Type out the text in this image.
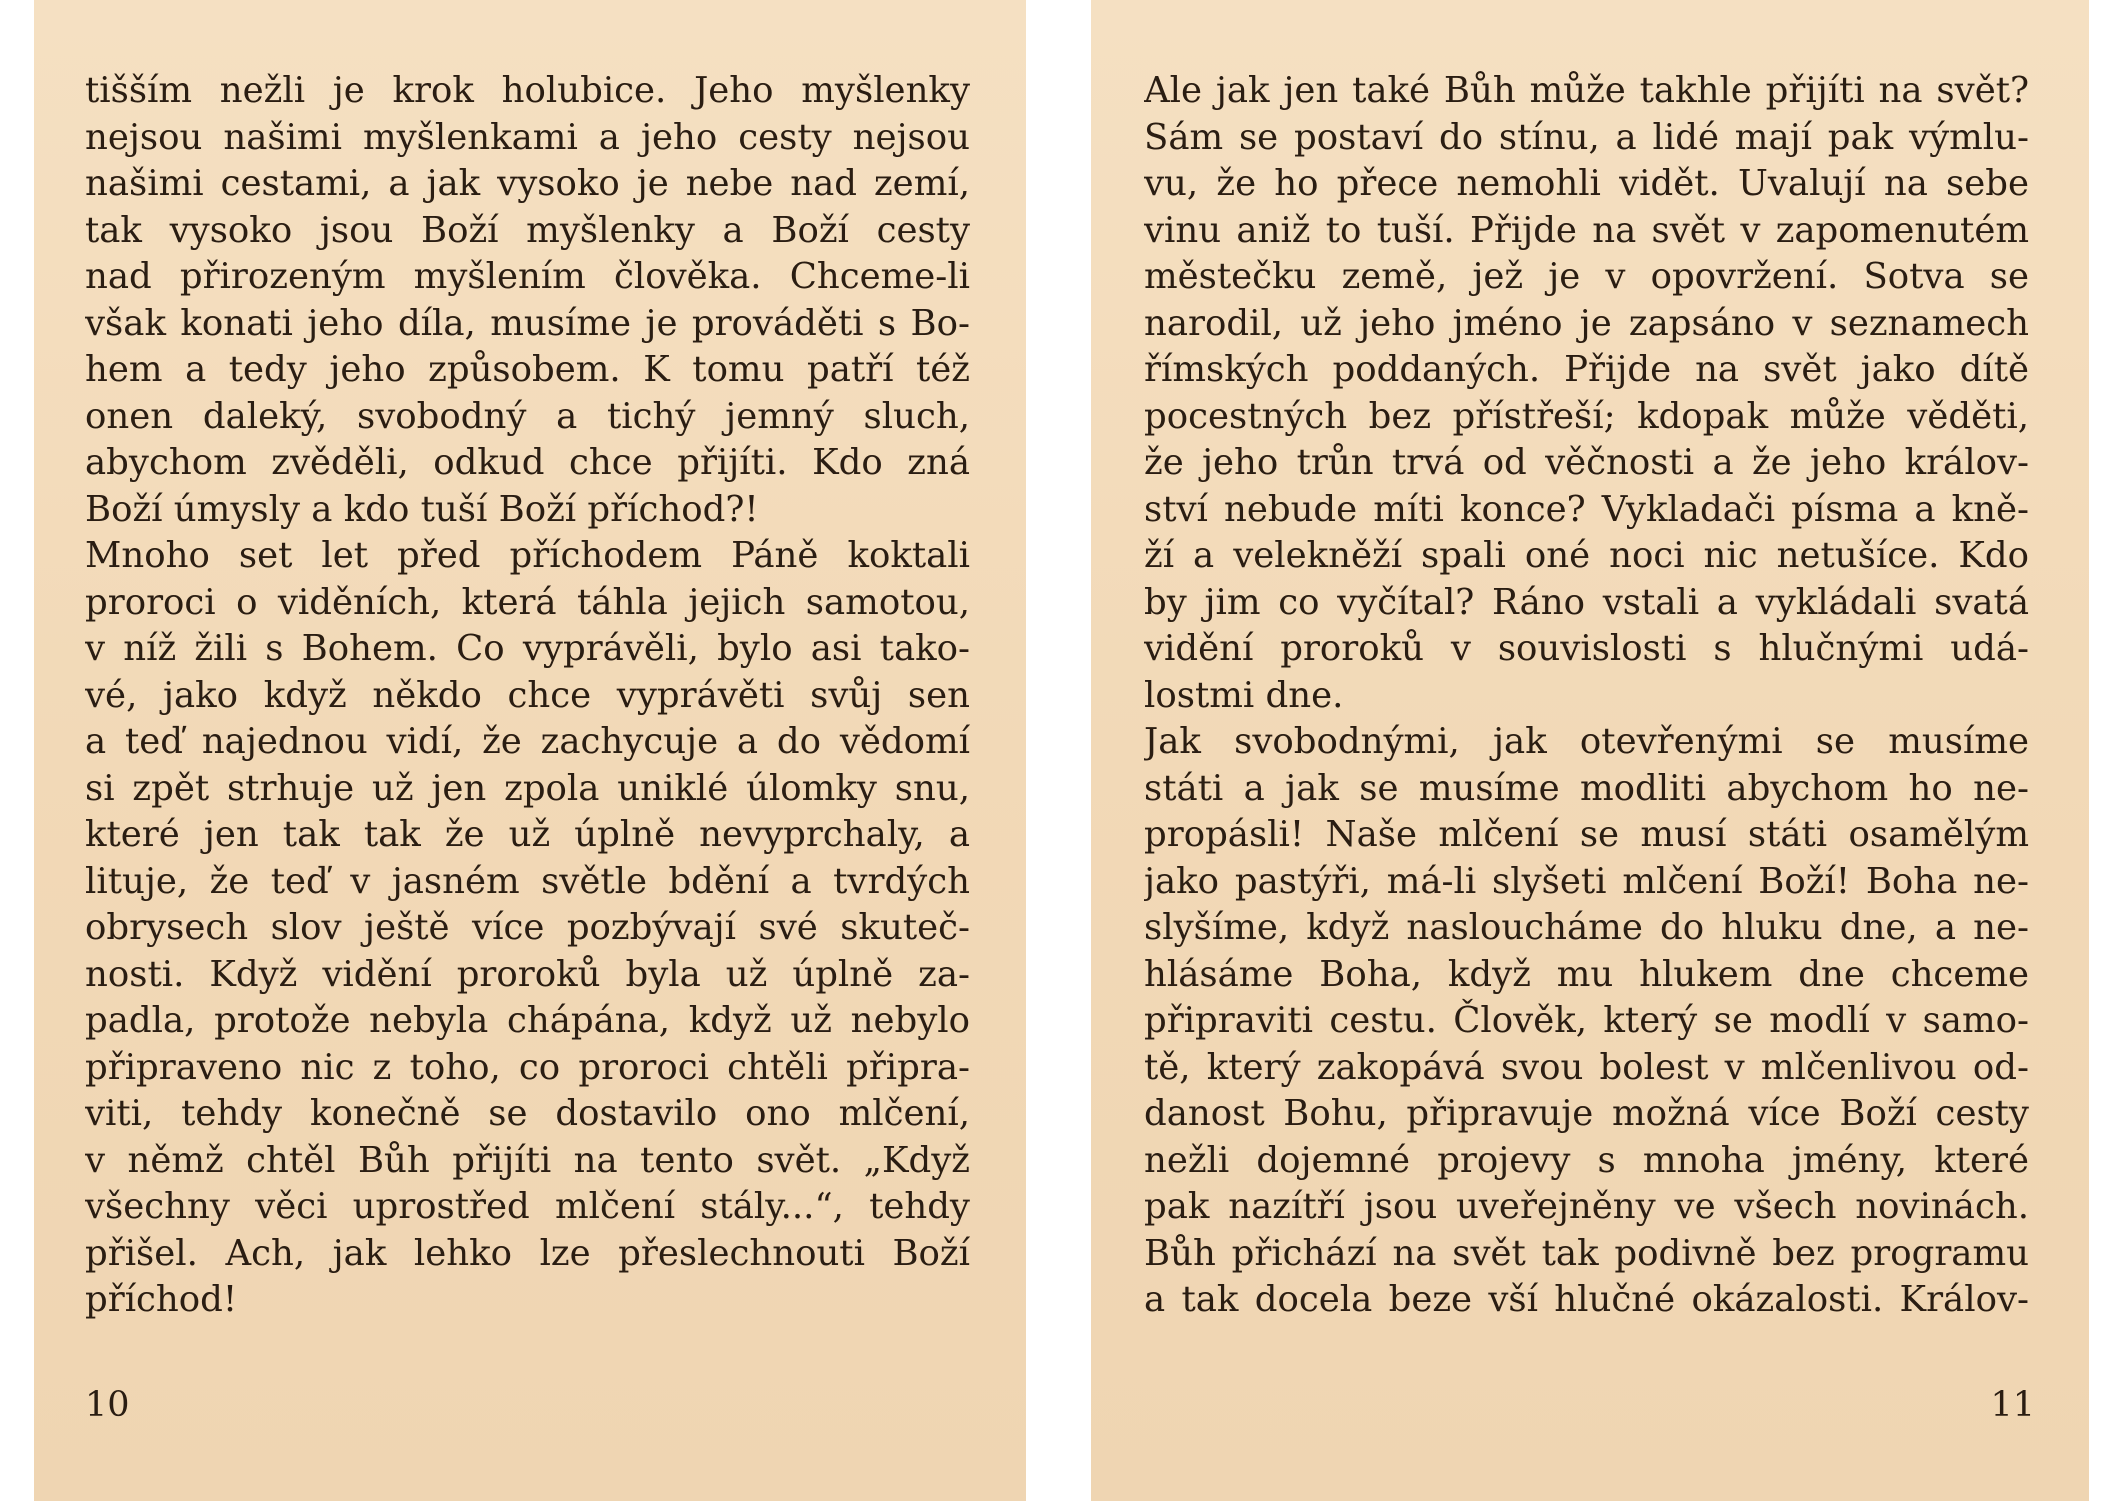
tišším nežli je krok holubice. Jeho myšlenky
nejsou našimi myšlenkami a jeho cesty nejsou
našimi cestami, a jak vysoko je nebe nad zemí,
tak vysoko jsou Boží myšlenky a Boží cesty
nad přirozeným myšlením člověka. Chceme-li
však konati jeho díla, musíme je prováděti s Bo-
hem a tedy jeho způsobem. K tomu patří též
onen daleký, svobodný a tichý jemný sluch,
abychom zvěděli, odkud chce přijíti. Kdo zná
Boží úmysly a kdo tuší Boží příchod?!
Mnoho set let před příchodem Páně koktali
proroci o viděních, která táhla jejich samotou,
v níž žili s Bohem. Co vyprávěli, bylo asi tako-
vé, jako když někdo chce vyprávěti svůj sen
a teď najednou vidí, že zachycuje a do vědomí
si zpět strhuje už jen zpola uniklé úlomky snu,
které jen tak tak že už úplně nevyprchaly, a
lituje, že teď v jasném světle bdění a tvrdých
obrysech slov ještě více pozbývají své skuteč-
nosti. Když vidění proroků byla už úplně za-
padla, protože nebyla chápána, když už nebylo
připraveno nic z toho, co proroci chtěli připra-
viti, tehdy konečně se dostavilo ono mlčení,
v němž chtěl Bůh přijíti na tento svět. „Když
všechny věci uprostřed mlčení stály...“, tehdy
přišel. Ach, jak lehko lze přeslechnouti Boží
příchod!
10
Ale jak jen také Bůh může takhle přijíti na svět?
Sám se postaví do stínu, a lidé mají pak výmlu-
vu, že ho přece nemohli vidět. Uvalují na sebe
vinu aniž to tuší. Přijde na svět v zapomenutém
městečku země, jež je v opovržení. Sotva se
narodil, už jeho jméno je zapsáno v seznamech
římských poddaných. Přijde na svět jako dítě
pocestných bez přístřeší; kdopak může věděti,
že jeho trůn trvá od věčnosti a že jeho králov-
ství nebude míti konce? Vykladači písma a kně-
ží a velekněží spali oné noci nic netušíce. Kdo
by jim co vyčítal? Ráno vstali a vykládali svatá
vidění proroků v souvislosti s hlučnými udá-
lostmi dne.
Jak svobodnými, jak otevřenými se musíme
státi a jak se musíme modliti abychom ho ne-
propásli! Naše mlčení se musí státi osamělým
jako pastýři, má-li slyšeti mlčení Boží! Boha ne-
slyšíme, když nasloucháme do hluku dne, a ne-
hlásáme Boha, když mu hlukem dne chceme
připraviti cestu. Člověk, který se modlí v samo-
tě, který zakopává svou bolest v mlčenlivou od-
danost Bohu, připravuje možná více Boží cesty
nežli dojemné projevy s mnoha jmény, které
pak nazítří jsou uveřejněny ve všech novinách.
Bůh přichází na svět tak podivně bez programu
a tak docela beze vší hlučné okázalosti. Králov-
11
